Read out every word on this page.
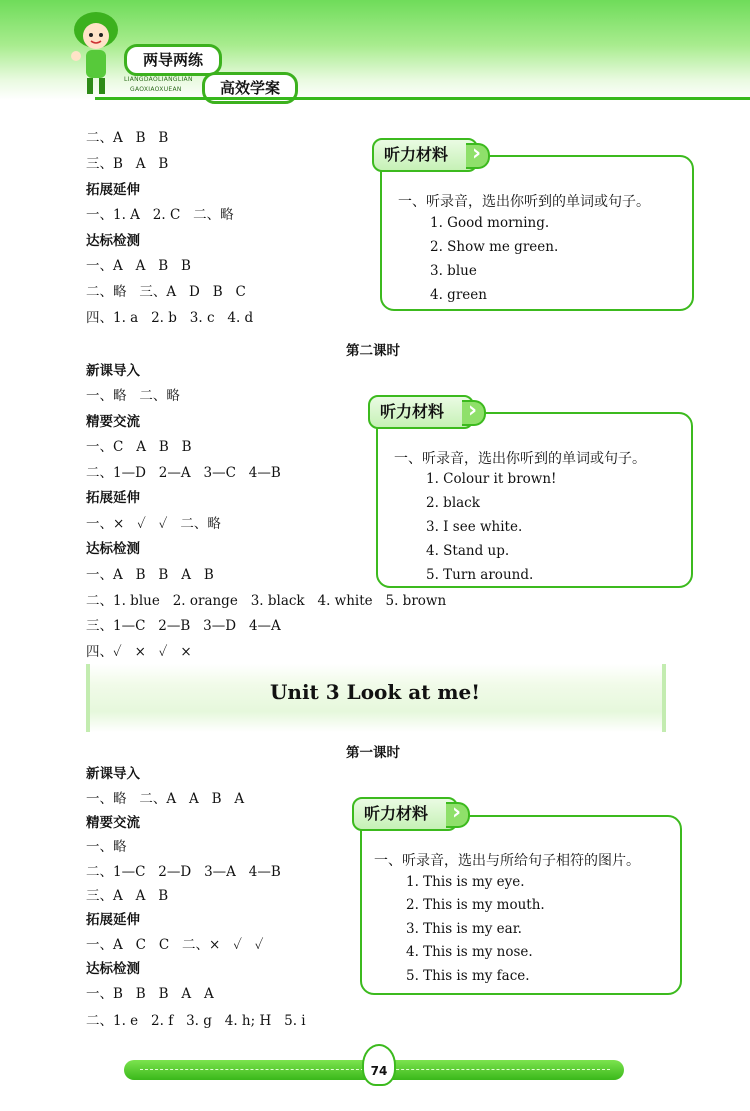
两导两练
LIANGDAOLIANGLIAN
GAOXIAOXUEAN	高效学案
二、A   B   B
三、B   A   B
拓展延伸
一、1. A   2. C   二、略
达标检测
一、A   A   B   B
二、略   三、A   D   B   C
四、1. a   2. b   3. c   4. d
听力材料
›
一、听录音，选出你听到的单词或句子。
1. Good morning.
2. Show me green.
3. blue
4. green
第二课时
新课导入
一、略   二、略
精要交流
一、C   A   B   B
二、1—D   2—A   3—C   4—B
拓展延伸
一、×   ✓   ✓   二、略
达标检测
一、A   B   B   A   B
二、1. blue   2. orange   3. black   4. white   5. brown
三、1—C   2—B   3—D   4—A
四、✓   ×   ✓   ×
听力材料
›
一、听录音，选出你听到的单词或句子。
1. Colour it brown!
2. black
3. I see white.
4. Stand up.
5. Turn around.
Unit 3 Look at me!
第一课时
新课导入
一、略   二、A   A   B   A
精要交流
一、略
二、1—C   2—D   3—A   4—B
三、A   A   B
拓展延伸
一、A   C   C   二、×   ✓   ✓
达标检测
一、B   B   B   A   A
二、1. e   2. f   3. g   4. h; H   5. i
听力材料
›
一、听录音，选出与所给句子相符的图片。
1. This is my eye.
2. This is my mouth.
3. This is my ear.
4. This is my nose.
5. This is my face.
74
